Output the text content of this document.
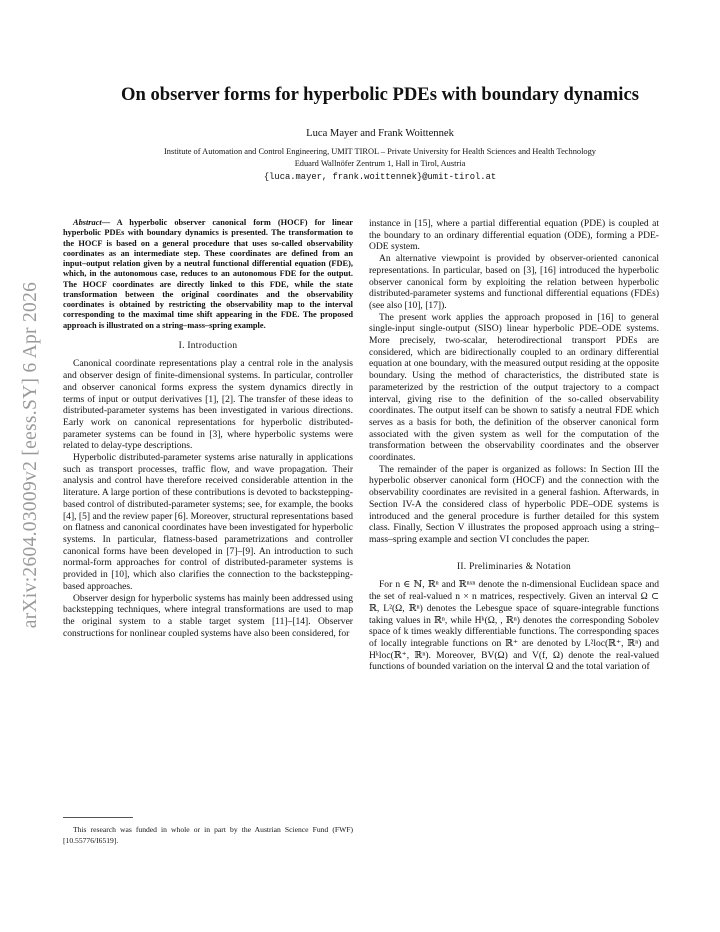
arXiv:2604.03009v2 [eess.SY] 6 Apr 2026
On observer forms for hyperbolic PDEs with boundary dynamics
Luca Mayer and Frank Woittennek
Institute of Automation and Control Engineering, UMIT TIROL – Private University for Health Sciences and Health Technology
Eduard Wallnöfer Zentrum 1, Hall in Tirol, Austria
{luca.mayer, frank.woittennek}@umit-tirol.at

Abstract— A hyperbolic observer canonical form (HOCF) for linear hyperbolic PDEs with boundary dynamics is presented. The transformation to the HOCF is based on a general procedure that uses so-called observability coordinates as an intermediate step. These coordinates are defined from an input–output relation given by a neutral functional differential equation (FDE), which, in the autonomous case, reduces to an autonomous FDE for the output. The HOCF coordinates are directly linked to this FDE, while the state transformation between the original coordinates and the observability coordinates is obtained by restricting the observability map to the interval corresponding to the maximal time shift appearing in the FDE. The proposed approach is illustrated on a string–mass–spring example.

I. Introduction

Canonical coordinate representations play a central role in the analysis and observer design of finite-dimensional systems. In particular, controller and observer canonical forms express the system dynamics directly in terms of input or output derivatives [1], [2]. The transfer of these ideas to distributed-parameter systems has been investigated in various directions. Early work on canonical representations for hyperbolic distributed-parameter systems can be found in [3], where hyperbolic systems were related to delay-type descriptions.

Hyperbolic distributed-parameter systems arise naturally in applications such as transport processes, traffic flow, and wave propagation. Their analysis and control have therefore received considerable attention in the literature. A large portion of these contributions is devoted to backstepping-based control of distributed-parameter systems; see, for example, the books [4], [5] and the review paper [6]. Moreover, structural representations based on flatness and canonical coordinates have been investigated for hyperbolic systems. In particular, flatness-based parametrizations and controller canonical forms have been developed in [7]–[9]. An introduction to such normal-form approaches for control of distributed-parameter systems is provided in [10], which also clarifies the connection to the backstepping-based approaches.

Observer design for hyperbolic systems has mainly been addressed using backstepping techniques, where integral transformations are used to map the original system to a stable target system [11]–[14]. Observer constructions for nonlinear coupled systems have also been considered, for

This research was funded in whole or in part by the Austrian Science Fund (FWF) [10.55776/I6519].

instance in [15], where a partial differential equation (PDE) is coupled at the boundary to an ordinary differential equation (ODE), forming a PDE-ODE system.

An alternative viewpoint is provided by observer-oriented canonical representations. In particular, based on [3], [16] introduced the hyperbolic observer canonical form by exploiting the relation between hyperbolic distributed-parameter systems and functional differential equations (FDEs) (see also [10], [17]).

The present work applies the approach proposed in [16] to general single-input single-output (SISO) linear hyperbolic PDE–ODE systems. More precisely, two-scalar, heterodirectional transport PDEs are considered, which are bidirectionally coupled to an ordinary differential equation at one boundary, with the measured output residing at the opposite boundary. Using the method of characteristics, the distributed state is parameterized by the restriction of the output trajectory to a compact interval, giving rise to the definition of the so-called observability coordinates. The output itself can be shown to satisfy a neutral FDE which serves as a basis for both, the definition of the observer canonical form associated with the given system as well for the computation of the transformation between the observability coordinates and the observer coordinates.

The remainder of the paper is organized as follows: In Section III the hyperbolic observer canonical form (HOCF) and the connection with the observability coordinates are revisited in a general fashion. Afterwards, in Section IV-A the considered class of hyperbolic PDE–ODE systems is introduced and the general procedure is further detailed for this system class. Finally, Section V illustrates the proposed approach using a string–mass–spring example and section VI concludes the paper.

II. Preliminaries & Notation

For n ∈ ℕ, ℝⁿ and ℝⁿˣⁿ denote the n-dimensional Euclidean space and the set of real-valued n × n matrices, respectively. Given an interval Ω ⊂ ℝ, L²(Ω, ℝⁿ) denotes the Lebesgue space of square-integrable functions taking values in ℝⁿ, while Hᵏ(Ω, , ℝⁿ) denotes the corresponding Sobolev space of k times weakly differentiable functions. The corresponding spaces of locally integrable functions on ℝ⁺ are denoted by L²loc(ℝ⁺, ℝⁿ) and Hᵏloc(ℝ⁺, ℝⁿ). Moreover, BV(Ω) and V(f, Ω) denote the real-valued functions of bounded variation on the interval Ω and the total variation of
